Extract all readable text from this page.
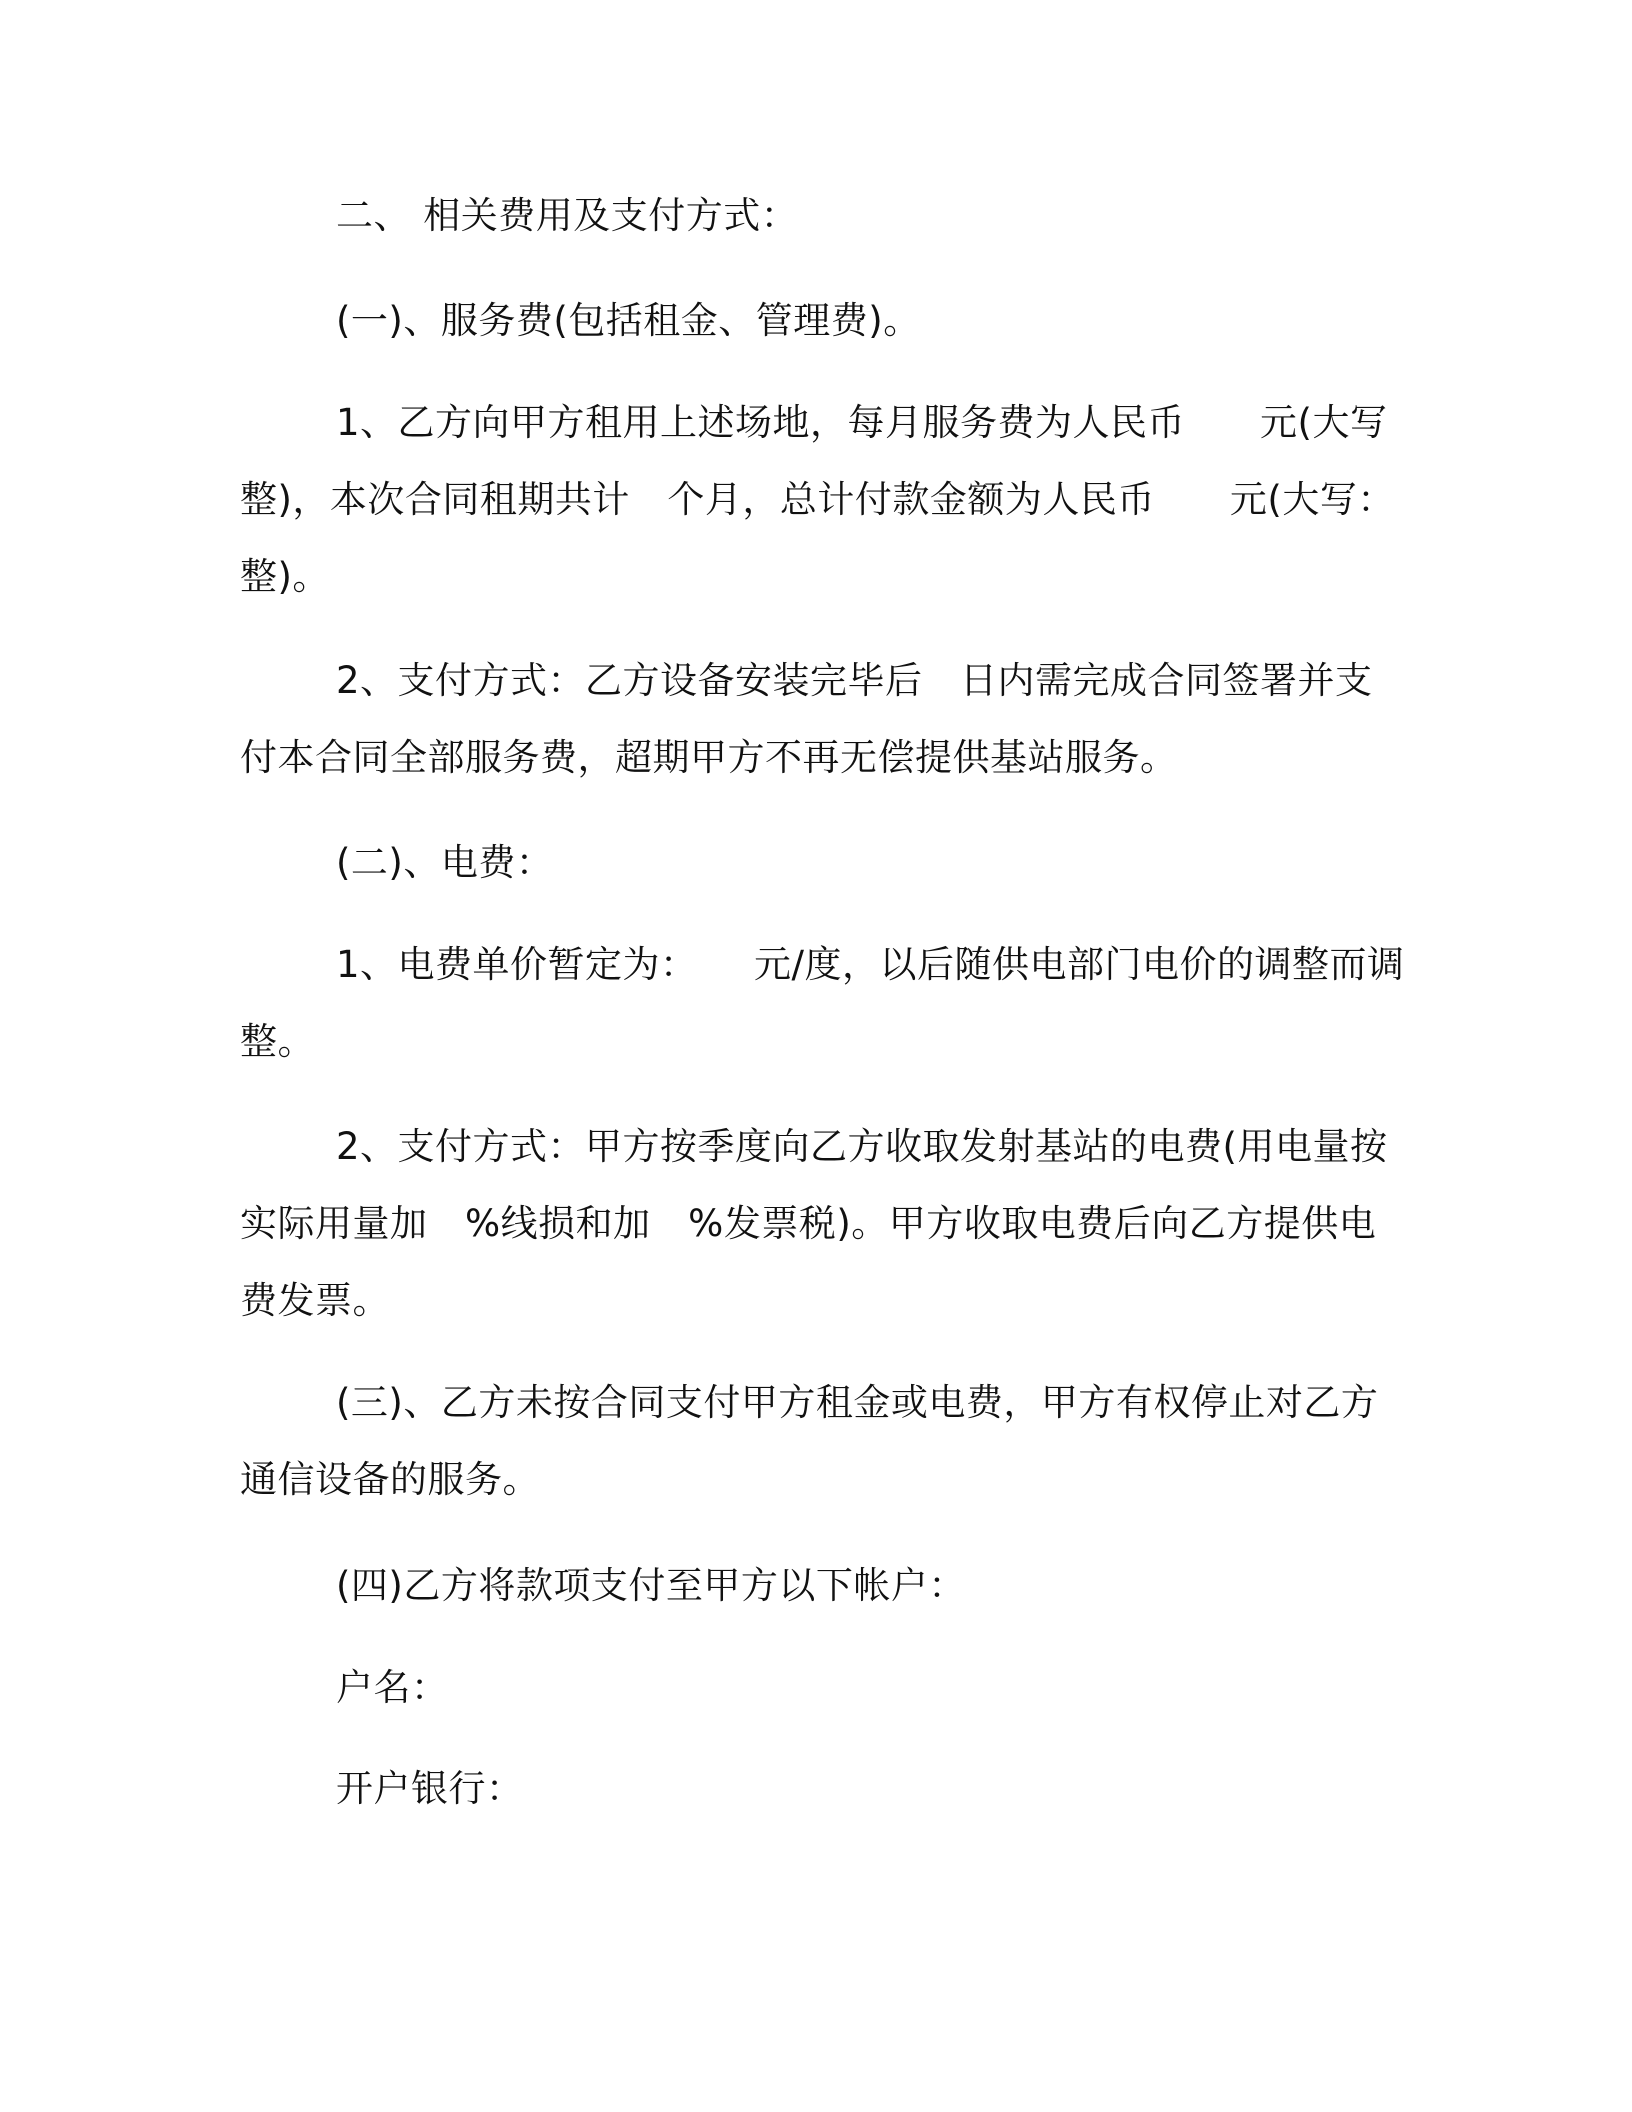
二、 相关费用及支付方式：
(一)、服务费(包括租金、管理费)。
1、乙方向甲方租用上述场地，每月服务费为人民币　　元(大写
整)，本次合同租期共计　个月，总计付款金额为人民币　　元(大写：
整)。
2、支付方式：乙方设备安装完毕后　日内需完成合同签署并支
付本合同全部服务费，超期甲方不再无偿提供基站服务。
(二)、电费：
1、电费单价暂定为：　　元/度，以后随供电部门电价的调整而调
整。
2、支付方式：甲方按季度向乙方收取发射基站的电费(用电量按
实际用量加　%线损和加　%发票税)。甲方收取电费后向乙方提供电
费发票。
(三)、乙方未按合同支付甲方租金或电费，甲方有权停止对乙方
通信设备的服务。
(四)乙方将款项支付至甲方以下帐户：
户名：
开户银行：
